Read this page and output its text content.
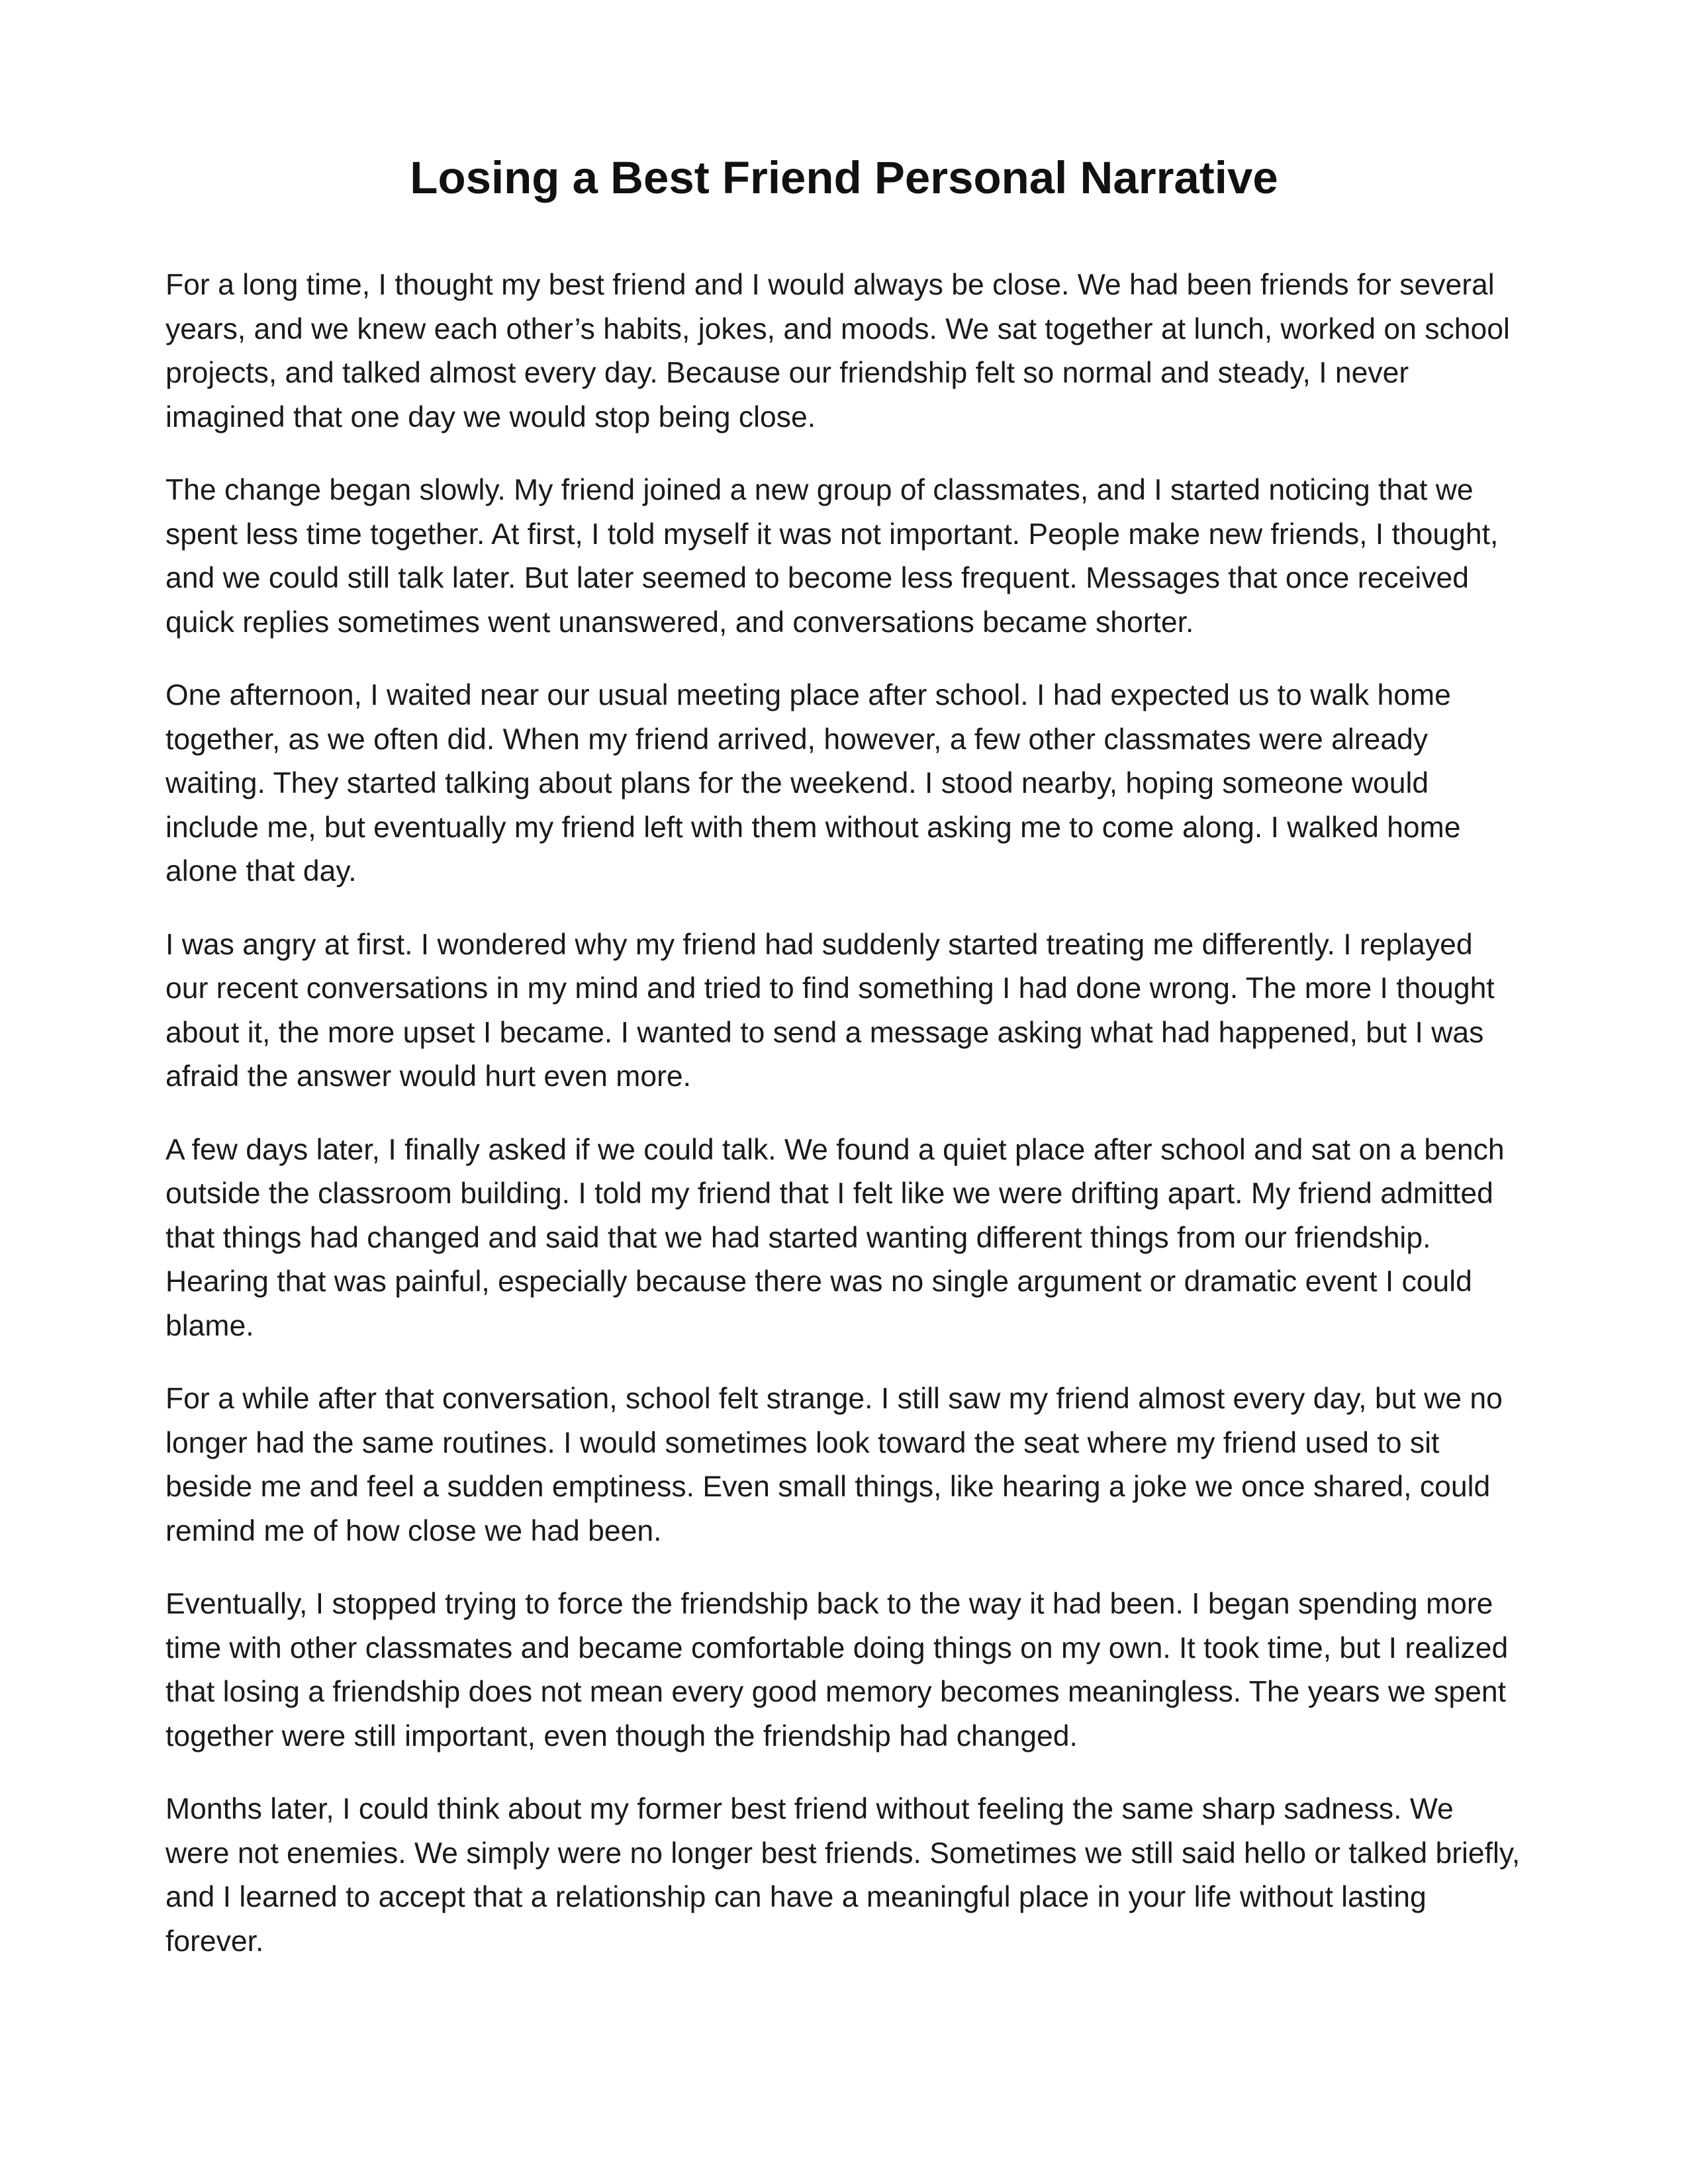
Losing a Best Friend Personal Narrative

For a long time, I thought my best friend and I would always be close. We had been friends for several years, and we knew each other’s habits, jokes, and moods. We sat together at lunch, worked on school projects, and talked almost every day. Because our friendship felt so normal and steady, I never imagined that one day we would stop being close.

The change began slowly. My friend joined a new group of classmates, and I started noticing that we spent less time together. At first, I told myself it was not important. People make new friends, I thought, and we could still talk later. But later seemed to become less frequent. Messages that once received quick replies sometimes went unanswered, and conversations became shorter.

One afternoon, I waited near our usual meeting place after school. I had expected us to walk home together, as we often did. When my friend arrived, however, a few other classmates were already waiting. They started talking about plans for the weekend. I stood nearby, hoping someone would include me, but eventually my friend left with them without asking me to come along. I walked home alone that day.

I was angry at first. I wondered why my friend had suddenly started treating me differently. I replayed our recent conversations in my mind and tried to find something I had done wrong. The more I thought about it, the more upset I became. I wanted to send a message asking what had happened, but I was afraid the answer would hurt even more.

A few days later, I finally asked if we could talk. We found a quiet place after school and sat on a bench outside the classroom building. I told my friend that I felt like we were drifting apart. My friend admitted that things had changed and said that we had started wanting different things from our friendship. Hearing that was painful, especially because there was no single argument or dramatic event I could blame.

For a while after that conversation, school felt strange. I still saw my friend almost every day, but we no longer had the same routines. I would sometimes look toward the seat where my friend used to sit beside me and feel a sudden emptiness. Even small things, like hearing a joke we once shared, could remind me of how close we had been.

Eventually, I stopped trying to force the friendship back to the way it had been. I began spending more time with other classmates and became comfortable doing things on my own. It took time, but I realized that losing a friendship does not mean every good memory becomes meaningless. The years we spent together were still important, even though the friendship had changed.

Months later, I could think about my former best friend without feeling the same sharp sadness. We were not enemies. We simply were no longer best friends. Sometimes we still said hello or talked briefly, and I learned to accept that a relationship can have a meaningful place in your life without lasting forever.
